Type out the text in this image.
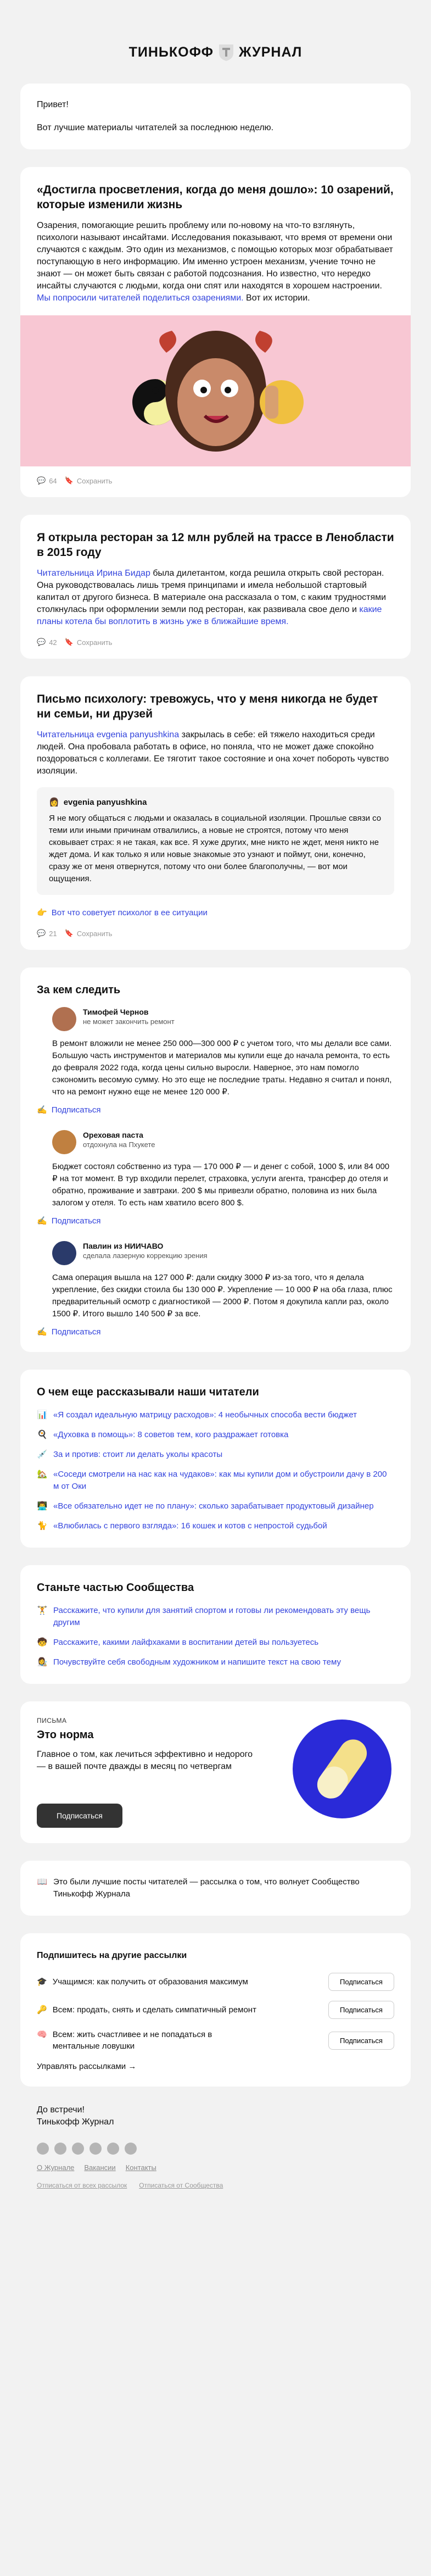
ТИНЬКОФФ ЖУРНАЛ

Привет!

Вот лучшие материалы читателей за последнюю неделю.

«Достигла просветления, когда до меня дошло»: 10 озарений, которые изменили жизнь

Озарения, помогающие решить проблему или по-новому на что-то взглянуть, психологи называют инсайтами. Исследования показывают, что время от времени они случаются с каждым. Это один из механизмов, с помощью которых мозг обрабатывает поступающую в него информацию. Им именно устроен механизм, учение точно не знают — он может быть связан с работой подсознания. Но известно, что нередко инсайты случаются с людьми, когда они спят или находятся в хорошем настроении. Мы попросили читателей поделиться озарениями. Вот их истории.

💬 64 🔖 Сохранить
Я открыла ресторан за 12 млн рублей на трассе в Ленобласти в 2015 году

Читательница Ирина Бидар была дилетантом, когда решила открыть свой ресторан. Она руководствовалась лишь тремя принципами и имела небольшой стартовый капитал от другого бизнеса. В материале она рассказала о том, с каким трудностями столкнулась при оформлении земли под ресторан, как развивала свое дело и какие планы котела бы воплотить в жизнь уже в ближайшие время.

💬 42 🔖 Сохранить
Письмо психологу: тревожусь, что у меня никогда не будет ни семьи, ни друзей

Читательница evgenia panyushkina закрылась в себе: ей тяжело находиться среди людей. Она пробовала работать в офисе, но поняла, что не может даже спокойно поздороваться с коллегами. Ее тяготит такое состояние и она хочет побороть чувство изоляции.

👩 evgenia panyushkina

Я не могу общаться с людьми и оказалась в социальной изоляции. Прошлые связи со теми или иными причинам отвалились, а новые не строятся, потому что меня сковывает страх: я не такая, как все. Я хуже других, мне никто не ждет, меня никто не ждет дома. И как только я или новые знакомые это узнают и поймут, они, конечно, сразу же от меня отвернутся, потому что они более благополучны, — вот мои ощущения.

👉 Вот что советует психолог в ее ситуации
💬 21 🔖 Сохранить
За кем следить
Тимофей Чернов
не может закончить ремонт

В ремонт вложили не менее 250 000—300 000 ₽ с учетом того, что мы делали все сами. Большую часть инструментов и материалов мы купили еще до начала ремонта, то есть до февраля 2022 года, когда цены сильно выросли. Наверное, это нам помогло сэкономить весомую сумму. Но это еще не последние траты. Недавно я считал и понял, что на ремонт нужно еще не менее 120 000 ₽.

✍️ Подписаться
Ореховая паста
отдохнула на Пхукете

Бюджет состоял собственно из тура — 170 000 ₽ — и денег с собой, 1000 $, или 84 000 ₽ на тот момент. В тур входили перелет, страховка, услуги агента, трансфер до отеля и обратно, проживание и завтраки. 200 $ мы привезли обратно, половина из них была залогом у отеля. То есть нам хватило всего 800 $.

✍️ Подписаться
Павлин из НИИЧАВО
сделала лазерную коррекцию зрения

Сама операция вышла на 127 000 ₽: дали скидку 3000 ₽ из-за того, что я делала укрепление, без скидки стоила бы 130 000 ₽. Укрепление — 10 000 ₽ на оба глаза, плюс предварительный осмотр с диагностикой — 2000 ₽. Потом я докупила капли раз, около 1500 ₽. Итого вышло 140 500 ₽ за все.

✍️ Подписаться
О чем еще рассказывали наши читатели
📊 «Я создал идеальную матрицу расходов»: 4 необычных способа вести бюджет
🍳 «Духовка в помощь»: 8 советов тем, кого раздражает готовка
💉 За и против: стоит ли делать уколы красоты
🏡 «Соседи смотрели на нас как на чудаков»: как мы купили дом и обустроили дачу в 200 м от Оки
👨‍💻 «Все обязательно идет не по плану»: сколько зарабатывает продуктовый дизайнер
🐈 «Влюбилась с первого взгляда»: 16 кошек и котов с непростой судьбой
Станьте частью Сообщества
🏋️ Расскажите, что купили для занятий спортом и готовы ли рекомендовать эту вещь другим
🧒 Расскажите, какими лайфхаками в воспитании детей вы пользуетесь
👩‍🎨 Почувствуйте себя свободным художником и напишите текст на свою тему
ПИСЬМА
Это норма

Главное о том, как лечиться эффективно и недорого — в вашей почте дважды в месяц по четвергам

Подписаться
📖 Это были лучшие посты читателей — рассылка о том, что волнует Сообщество Тинькофф Журнала
Подпишитесь на другие рассылки
🎓 Учащимся: как получить от образования максимум	Подписаться
🔑 Всем: продать, снять и сделать симпатичный ремонт	Подписаться
🧠 Всем: жить счастливее и не попадаться в ментальные ловушки
Подписаться
Управлять рассылками →

До встречи!

Тинькофф Журнал

О Журнале Вакансии Контакты
Отписаться от всех рассылок Отписаться от Сообщества
